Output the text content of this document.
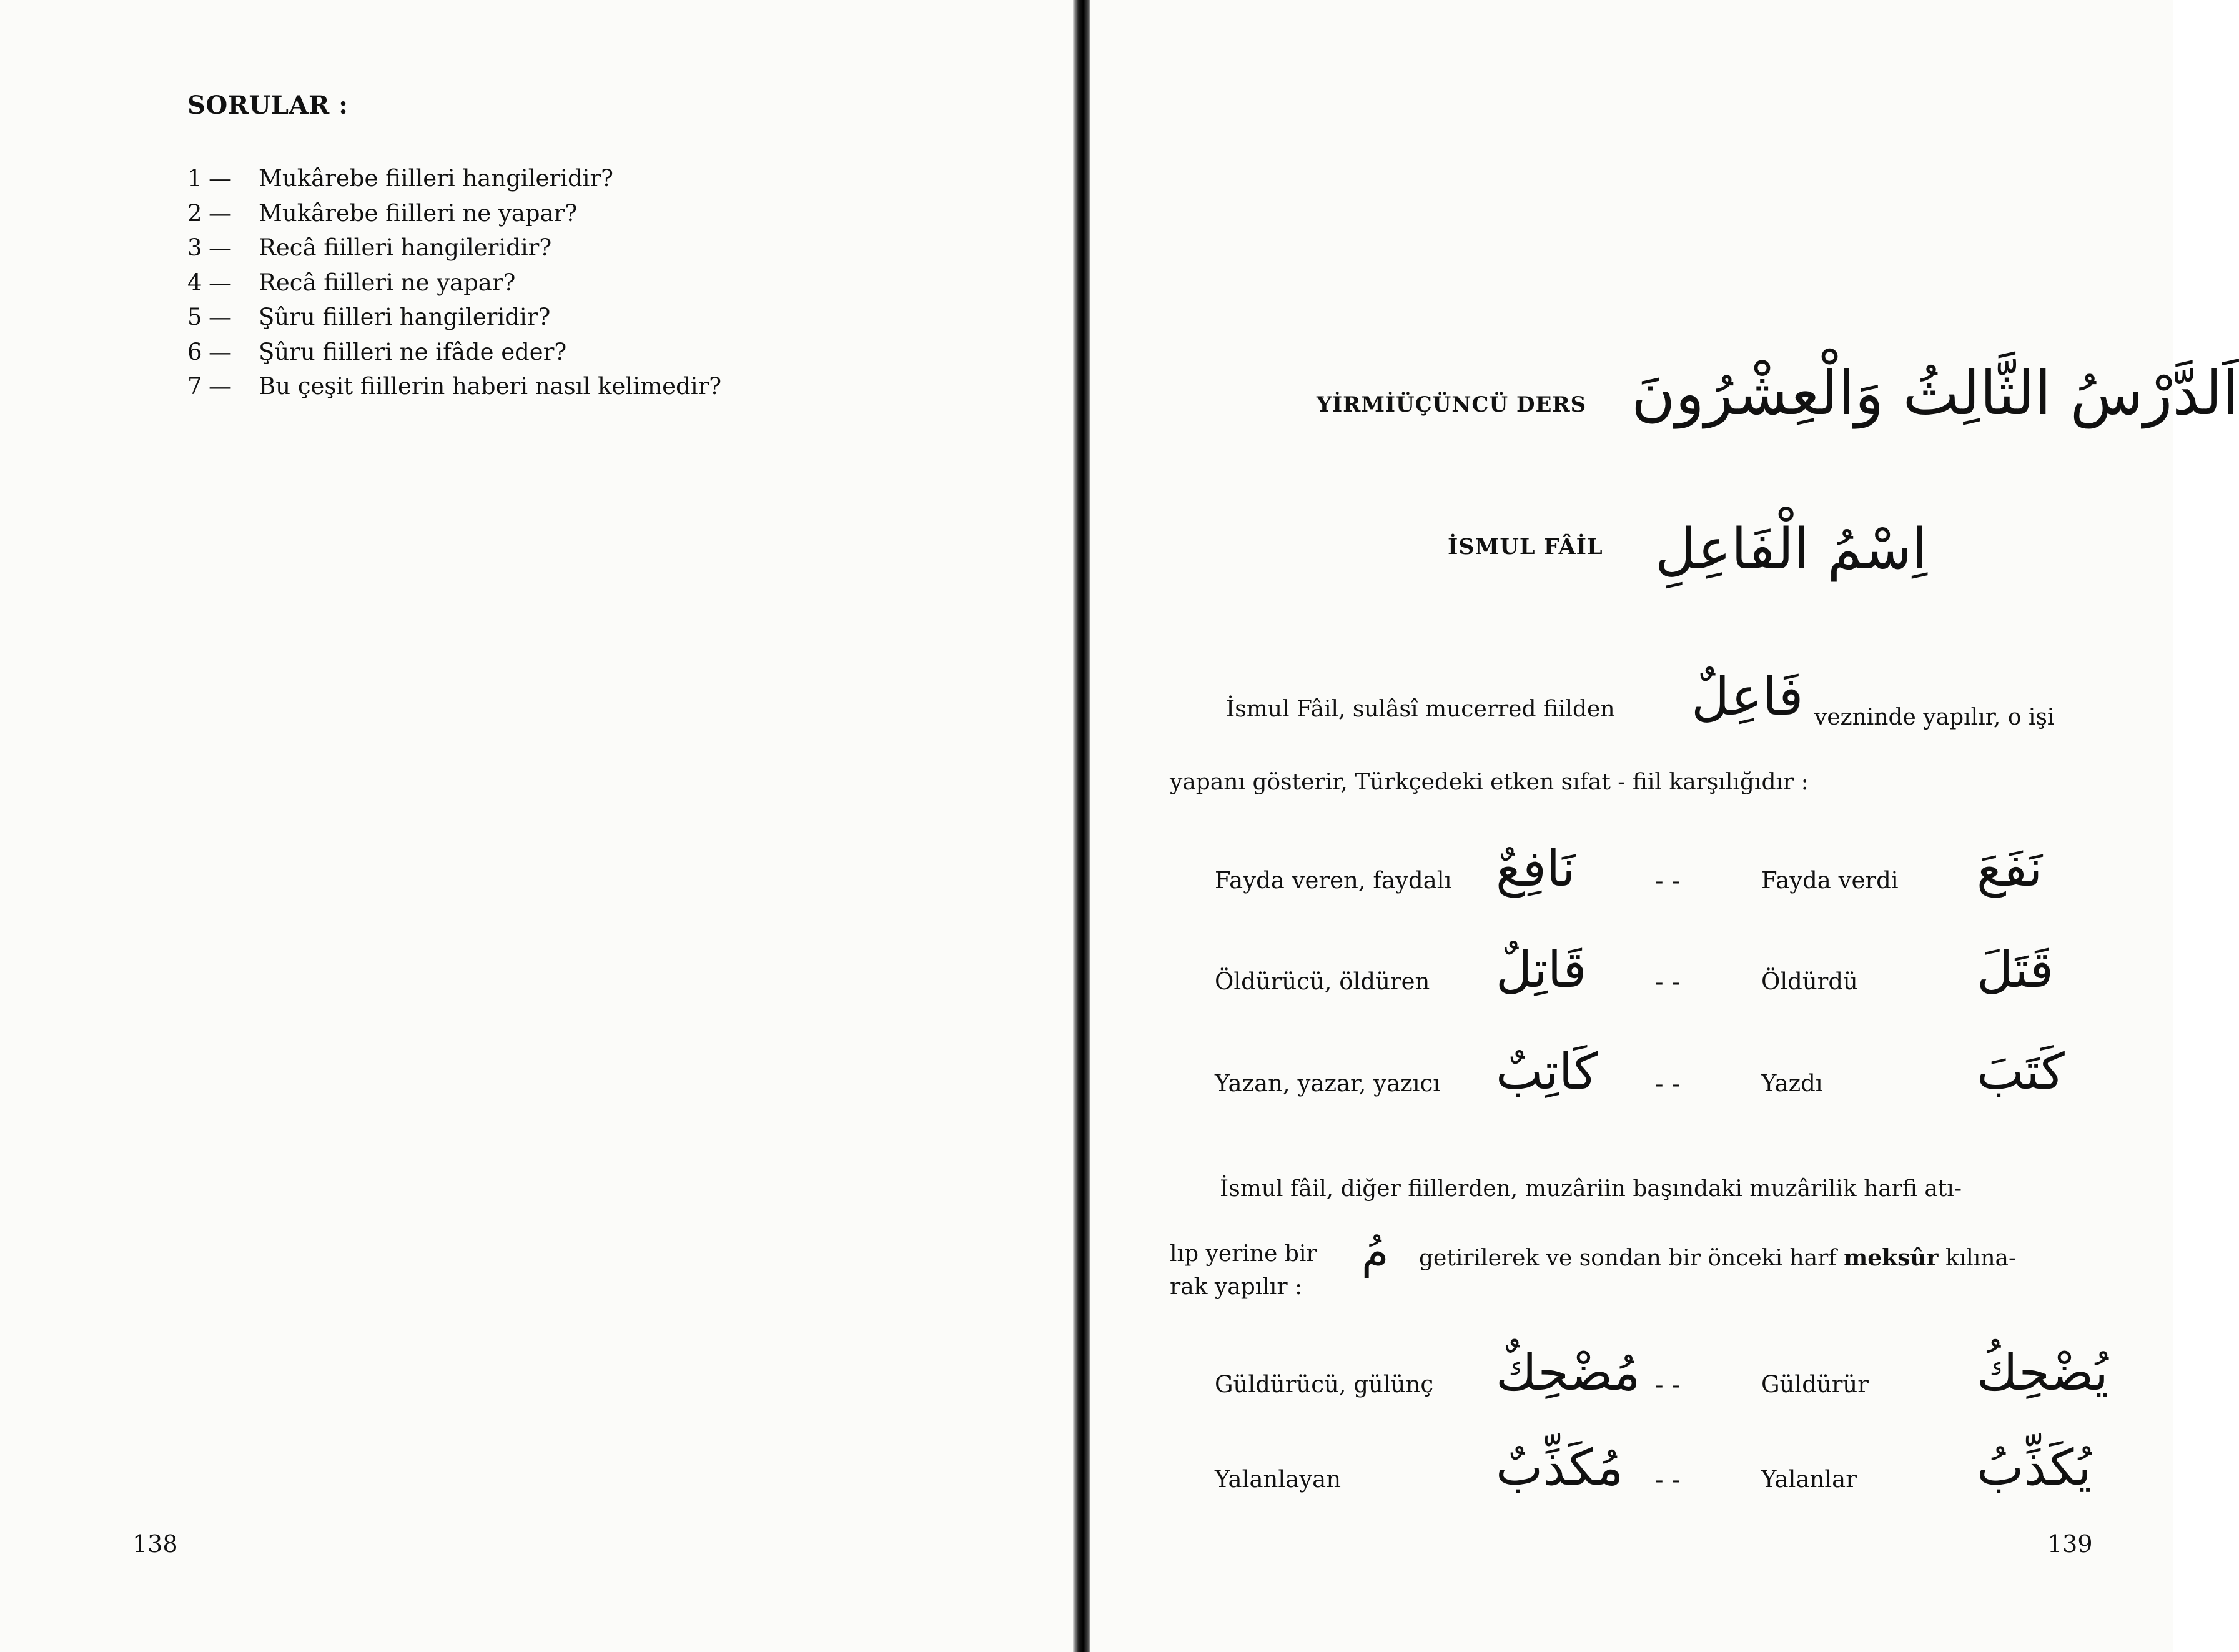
SORULAR :
1 — Mukârebe fiilleri hangileridir?
2 — Mukârebe fiilleri ne yapar?
3 — Recâ fiilleri hangileridir?
4 — Recâ fiilleri ne yapar?
5 — Şûru fiilleri hangileridir?
6 — Şûru fiilleri ne ifâde eder?
7 — Bu çeşit fiillerin haberi nasıl kelimedir?
138
YİRMİÜÇÜNCÜ DERS اَلدَّرْسُ الثَّالِثُ وَالْعِشْرُونَ
İSMUL FÂİL اِسْمُ الْفَاعِلِ
İsmul Fâil, sulâsî mucerred fiilden فَاعِلٌ vezninde yapılır, o işi
yapanı gösterir, Türkçedeki etken sıfat - fiil karşılığıdır :
Fayda veren, faydalı نَافِعٌ	- -	Fayda verdi نَفَعَ
Öldürücü, öldüren قَاتِلٌ	- -	Öldürdü قَتَلَ
Yazan, yazar, yazıcı كَاتِبٌ - -	Yazdı	كَتَبَ
İsmul fâil, diğer fiillerden, muzâriin başındaki muzârilik harfi atı-
lıp yerine bir مُ getirilerek ve sondan bir önceki harf meksûr kılına-
rak yapılır :
Güldürücü, gülünç مُضْحِكٌ - -	Güldürür يُضْحِكُ
Yalanlayan	مُكَذِّبٌ - -	Yalanlar يُكَذِّبُ
139
